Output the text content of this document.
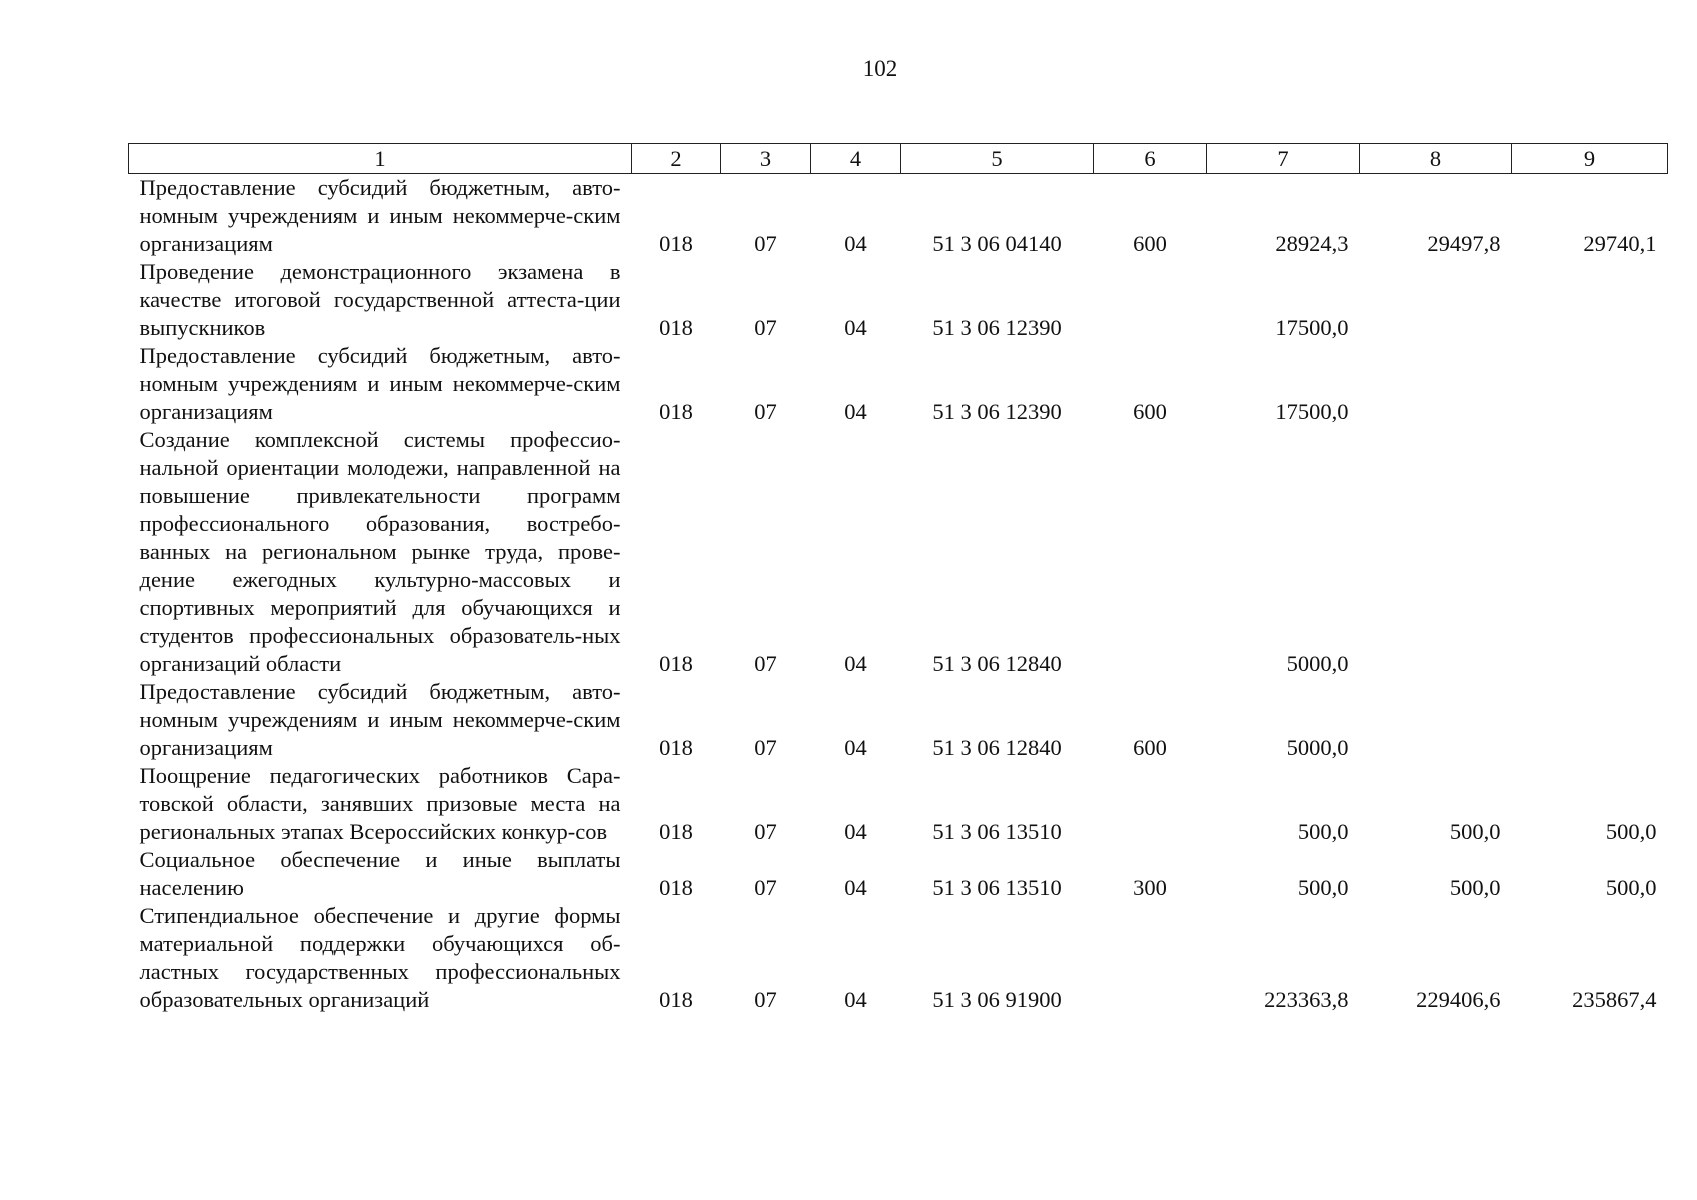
102
1	2	3	4	5	6	7	8	9
Предоставление субсидий бюджетным, авто-номным учреждениям и иным некоммерче-ским организациям	018	07	04	51 3 06 04140	600	28924,3	29497,8	29740,1
Проведение демонстрационного экзамена в качестве итоговой государственной аттеста-ции выпускников	018	07	04	51 3 06 12390		17500,0		
Предоставление субсидий бюджетным, авто-номным учреждениям и иным некоммерче-ским организациям	018	07	04	51 3 06 12390	600	17500,0		
Создание комплексной системы профессио-нальной ориентации молодежи, направленной на повышение привлекательности программ профессионального образования, востребо-ванных на региональном рынке труда, прове-дение ежегодных культурно-массовых и спортивных мероприятий для обучающихся и студентов профессиональных образователь-ных организаций области	018	07	04	51 3 06 12840		5000,0		
Предоставление субсидий бюджетным, авто-номным учреждениям и иным некоммерче-ским организациям	018	07	04	51 3 06 12840	600	5000,0		
Поощрение педагогических работников Сара-товской области, занявших призовые места на региональных этапах Всероссийских конкур-сов	018	07	04	51 3 06 13510		500,0	500,0	500,0
Социальное обеспечение и иные выплаты населению	018	07	04	51 3 06 13510	300	500,0	500,0	500,0
Стипендиальное обеспечение и другие формы материальной поддержки обучающихся об-ластных государственных профессиональных образовательных организаций	018	07	04	51 3 06 91900		223363,8	229406,6	235867,4
